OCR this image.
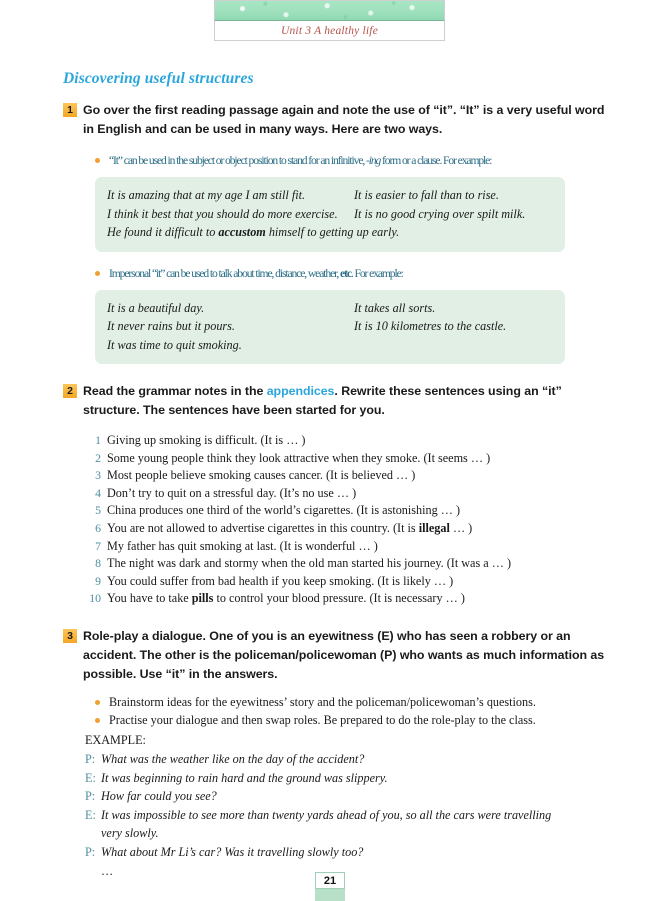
Unit 3 A healthy life
Discovering useful structures
1 Go over the first reading passage again and note the use of “it”. “It” is a very useful word in English and can be used in many ways. Here are two ways.
“It” can be used in the subject or object position to stand for an infinitive, -ing form or a clause. For example:
It is amazing that at my age I am still fit.	It is easier to fall than to rise.
I think it best that you should do more exercise.	It is no good crying over spilt milk.
He found it difficult to accustom himself to getting up early.
Impersonal “it” can be used to talk about time, distance, weather, etc. For example:
It is a beautiful day.	It takes all sorts.
It never rains but it pours.	It is 10 kilometres to the castle.
It was time to quit smoking.
2 Read the grammar notes in the appendices. Rewrite these sentences using an “it” structure. The sentences have been started for you.
1 Giving up smoking is difficult. (It is … )
2 Some young people think they look attractive when they smoke. (It seems … )
3 Most people believe smoking causes cancer. (It is believed … )
4 Don’t try to quit on a stressful day. (It’s no use … )
5 China produces one third of the world’s cigarettes. (It is astonishing … )
6 You are not allowed to advertise cigarettes in this country. (It is illegal … )
7 My father has quit smoking at last. (It is wonderful … )
8 The night was dark and stormy when the old man started his journey. (It was a … )
9 You could suffer from bad health if you keep smoking. (It is likely … )
10 You have to take pills to control your blood pressure. (It is necessary … )
3 Role-play a dialogue. One of you is an eyewitness (E) who has seen a robbery or an accident. The other is the policeman/policewoman (P) who wants as much information as possible. Use “it” in the answers.
Brainstorm ideas for the eyewitness’ story and the policeman/policewoman’s questions.
Practise your dialogue and then swap roles. Be prepared to do the role-play to the class.
EXAMPLE:
P: What was the weather like on the day of the accident?
E: It was beginning to rain hard and the ground was slippery.
P: How far could you see?
E: It was impossible to see more than twenty yards ahead of you, so all the cars were travelling
very slowly.
P: What about Mr Li’s car? Was it travelling slowly too?
…
21
